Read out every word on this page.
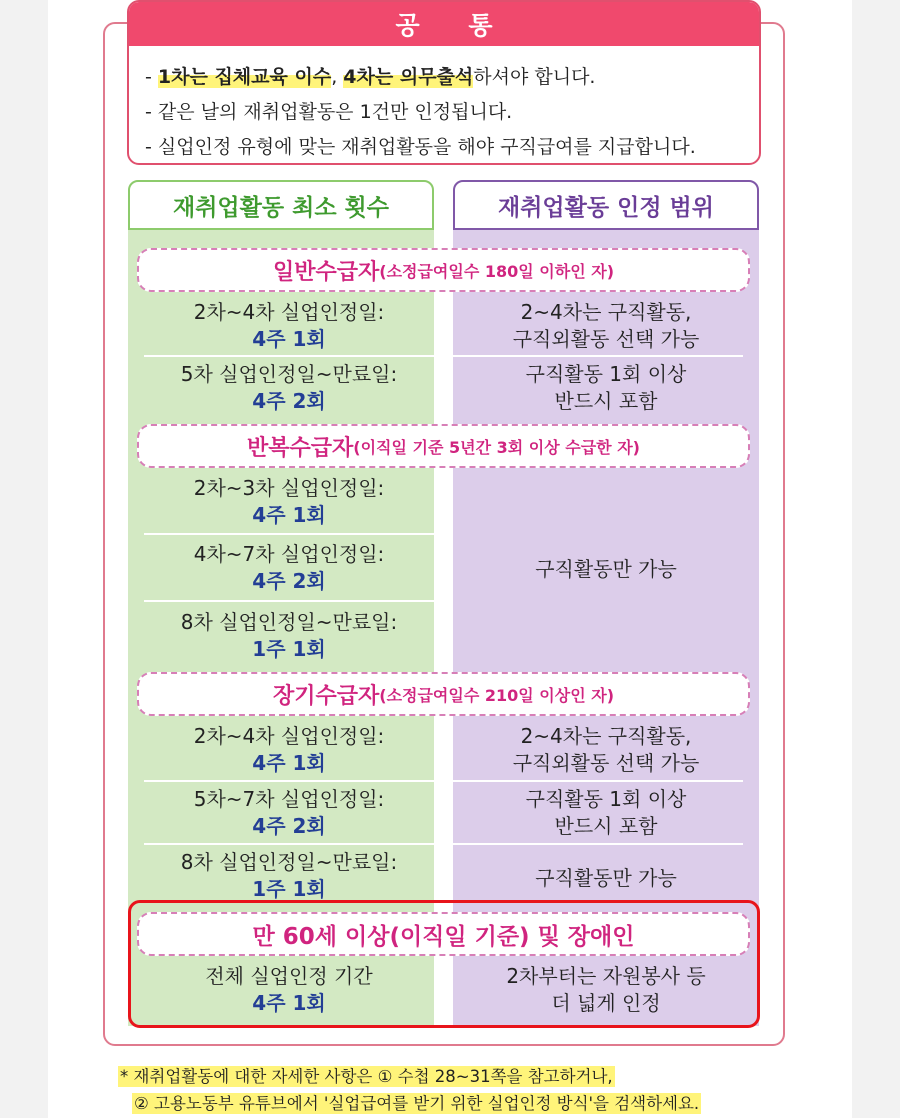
공 통
- 1차는 집체교육 이수, 4차는 의무출석하셔야 합니다.
- 같은 날의 재취업활동은 1건만 인정됩니다.
- 실업인정 유형에 맞는 재취업활동을 해야 구직급여를 지급합니다.
재취업활동 최소 횟수	재취업활동 인정 범위
일반수급자 (소정급여일수 180일 이하인 자)
2차~4차 실업인정일:
4주 1회
2~4차는 구직활동,
구직외활동 선택 가능
5차 실업인정일~만료일:
4주 2회
구직활동 1회 이상
반드시 포함
반복수급자 (이직일 기준 5년간 3회 이상 수급한 자)
2차~3차 실업인정일:
4주 1회
4차~7차 실업인정일:
4주 2회
8차 실업인정일~만료일:
1주 1회
구직활동만 가능
장기수급자 (소정급여일수 210일 이상인 자)
2차~4차 실업인정일:
4주 1회
2~4차는 구직활동,
구직외활동 선택 가능
5차~7차 실업인정일:
4주 2회
구직활동 1회 이상
반드시 포함
8차 실업인정일~만료일:
1주 1회	구직활동만 가능
만 60세 이상(이직일 기준) 및 장애인
전체 실업인정 기간
4주 1회
2차부터는 자원봉사 등
더 넓게 인정
* 재취업활동에 대한 자세한 사항은 ① 수첩 28~31쪽을 참고하거나,
② 고용노동부 유튜브에서 '실업급여를 받기 위한 실업인정 방식'을 검색하세요.
